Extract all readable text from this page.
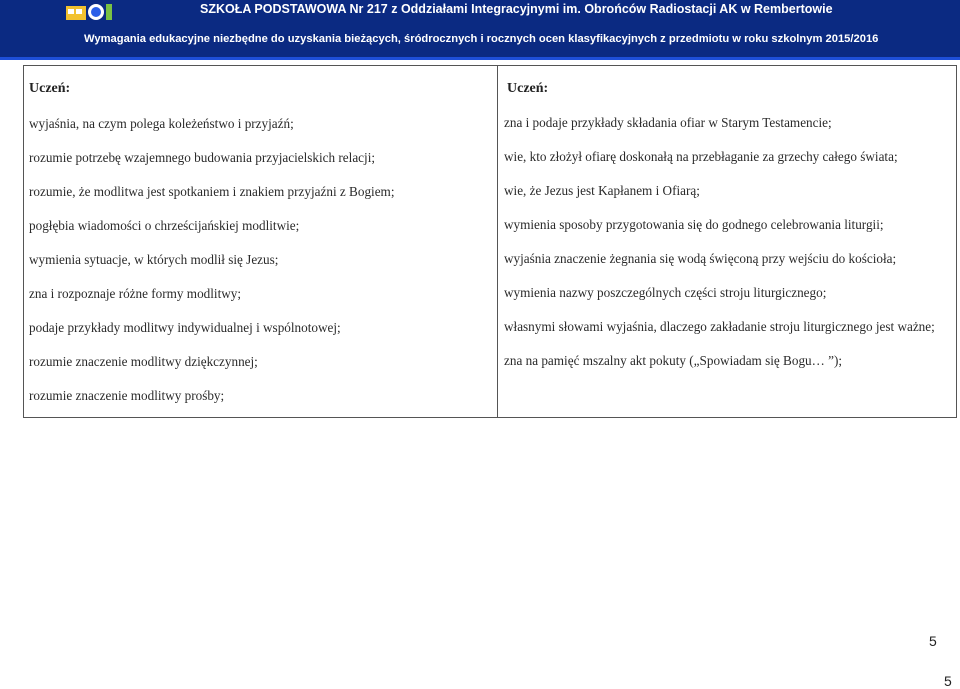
SZKOŁA PODSTAWOWA Nr 217 z Oddziałami Integracyjnymi im. Obrońców Radiostacji AK w Rembertowie
Wymagania edukacyjne niezbędne do uzyskania bieżących, śródrocznych i rocznych ocen klasyfikacyjnych z przedmiotu w roku szkolnym 2015/2016
Uczeń:
wyjaśnia, na czym polega koleżeństwo i przyjaźń;
rozumie potrzebę wzajemnego budowania przyjacielskich relacji;
rozumie, że modlitwa jest spotkaniem i znakiem przyjaźni z Bogiem;
pogłębia wiadomości o chrześcijańskiej modlitwie;
wymienia sytuacje, w których modlił się Jezus;
zna i rozpoznaje różne formy modlitwy;
podaje przykłady modlitwy indywidualnej i wspólnotowej;
rozumie znaczenie modlitwy dziękczynnej;
rozumie znaczenie modlitwy prośby;
Uczeń:
zna i podaje przykłady składania ofiar w Starym Testamencie;
wie, kto złożył ofiarę doskonałą na przebłaganie za grzechy całego świata;
wie, że Jezus jest Kapłanem i Ofiarą;
wymienia sposoby przygotowania się do godnego celebrowania liturgii;
wyjaśnia znaczenie żegnania się wodą święconą przy wejściu do kościoła;
wymienia nazwy poszczególnych części stroju liturgicznego;
własnymi słowami wyjaśnia, dlaczego zakładanie stroju liturgicznego jest ważne;
zna na pamięć mszalny akt pokuty („Spowiadam się Bogu… ”);
5
5
